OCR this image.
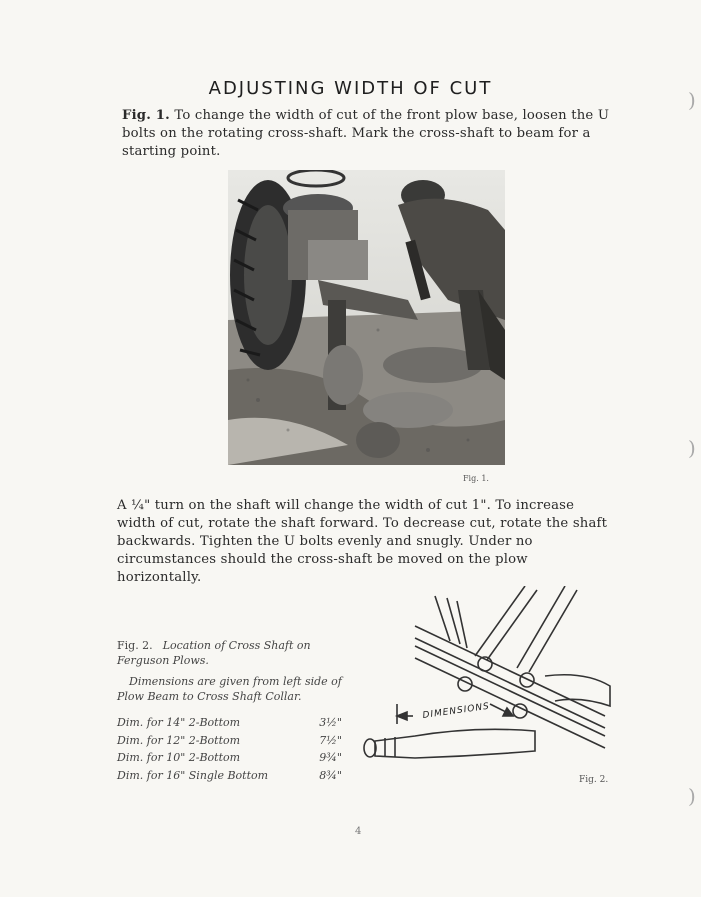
ADJUSTING WIDTH OF CUT
Fig. 1. To change the width of cut of the front plow base, loosen the U bolts on the rotating cross-shaft. Mark the cross-shaft to beam for a starting point.
Fig. 1.
A ¼" turn on the shaft will change the width of cut 1". To increase width of cut, rotate the shaft forward. To decrease cut, rotate the shaft backwards. Tighten the U bolts evenly and snugly. Under no circumstances should the cross-shaft be moved on the plow horizontally.
Fig. 2. Location of Cross Shaft on Ferguson Plows.
Dimensions are given from left side of Plow Beam to Cross Shaft Collar.
Dim. for 14" 2-Bottom	3½"
Dim. for 12" 2-Bottom	7½"
Dim. for 10" 2-Bottom	9¾"
Dim. for 16" Single Bottom	8¾"
DIMENSIONS
Fig. 2.
4
)
)
)
